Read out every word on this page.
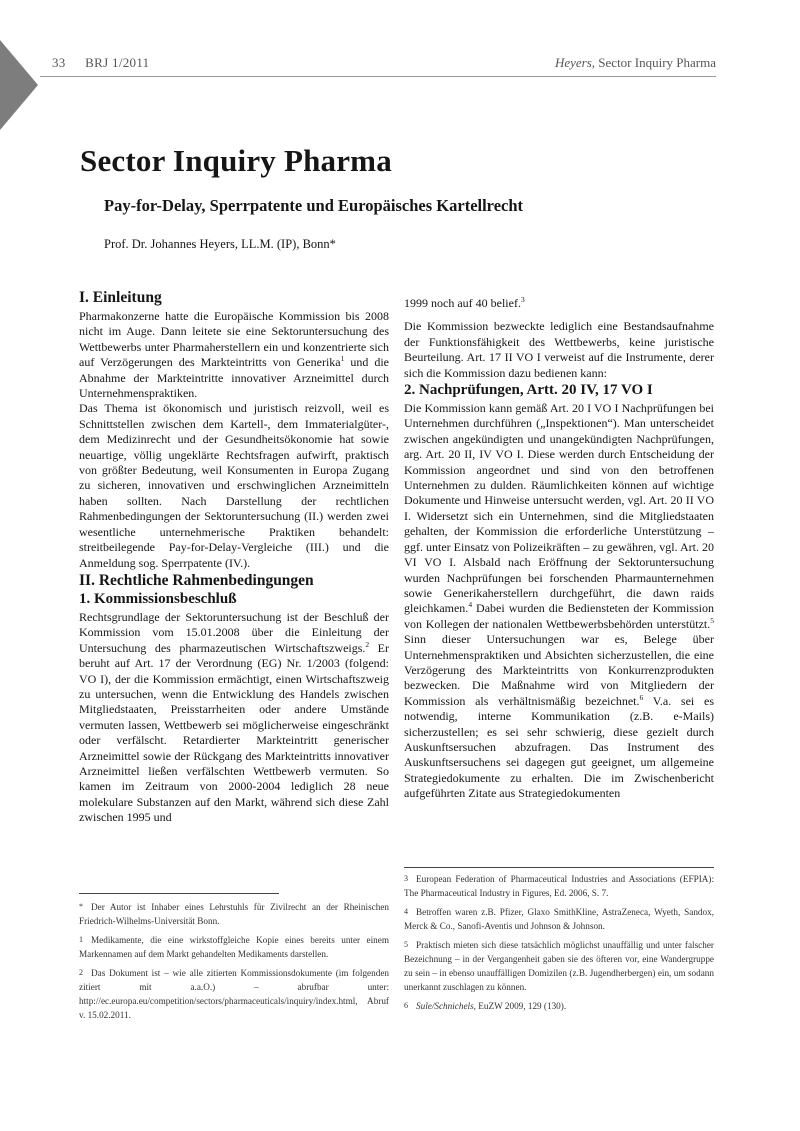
33 BRJ 1/2011	Heyers, Sector Inquiry Pharma
Sector Inquiry Pharma
Pay-for-Delay, Sperrpatente und Europäisches Kartellrecht

Prof. Dr. Johannes Heyers, LL.M. (IP), Bonn*

I. Einleitung

Pharmakonzerne hatte die Europäische Kommission bis 2008 nicht im Auge. Dann leitete sie eine Sektoruntersuchung des Wettbewerbs unter Pharmaherstellern ein und konzentrierte sich auf Verzögerungen des Markteintritts von Generika$^1$ und die Abnahme der Markteintritte innovativer Arzneimittel durch Unternehmenspraktiken.

Das Thema ist ökonomisch und juristisch reizvoll, weil es Schnittstellen zwischen dem Kartell-, dem Immaterialgüter-, dem Medizinrecht und der Gesundheitsökonomie hat sowie neuartige, völlig ungeklärte Rechtsfragen aufwirft, praktisch von größter Bedeutung, weil Konsumenten in Europa Zugang zu sicheren, innovativen und erschwinglichen Arzneimitteln haben sollten. Nach Darstellung der rechtlichen Rahmenbedingungen der Sektoruntersuchung (II.) werden zwei wesentliche unternehmerische Praktiken behandelt: streitbeilegende Pay-for-Delay-Vergleiche (III.) und die Anmeldung sog. Sperrpatente (IV.).

II. Rechtliche Rahmenbedingungen
1. Kommissionsbeschluß

Rechtsgrundlage der Sektoruntersuchung ist der Beschluß der Kommission vom 15.01.2008 über die Einleitung der Untersuchung des pharmazeutischen Wirtschaftszweigs.$^2$ Er beruht auf Art. 17 der Verordnung (EG) Nr. 1/2003 (folgend: VO I), der die Kommission ermächtigt, einen Wirtschaftszweig zu untersuchen, wenn die Entwicklung des Handels zwischen Mitgliedstaaten, Preisstarrheiten oder andere Umstände vermuten lassen, Wettbewerb sei möglicherweise eingeschränkt oder verfälscht. Retardierter Markteintritt generischer Arzneimittel sowie der Rückgang des Markteintritts innovativer Arzneimittel ließen verfälschten Wettbewerb vermuten. So kamen im Zeitraum von 2000-2004 lediglich 28 neue molekulare Substanzen auf den Markt, während sich diese Zahl zwischen 1995 und

1999 noch auf 40 belief.$^3$

Die Kommission bezweckte lediglich eine Bestandsaufnahme der Funktionsfähigkeit des Wettbewerbs, keine juristische Beurteilung. Art. 17 II VO I verweist auf die Instrumente, derer sich die Kommission dazu bedienen kann:

2. Nachprüfungen, Artt. 20 IV, 17 VO I

Die Kommission kann gemäß Art. 20 I VO I Nachprüfungen bei Unternehmen durchführen („Inspektionen“). Man unterscheidet zwischen angekündigten und unangekündigten Nachprüfungen, arg. Art. 20 II, IV VO I. Diese werden durch Entscheidung der Kommission angeordnet und sind von den betroffenen Unternehmen zu dulden. Räumlichkeiten können auf wichtige Dokumente und Hinweise untersucht werden, vgl. Art. 20 II VO I. Widersetzt sich ein Unternehmen, sind die Mitgliedstaaten gehalten, der Kommission die erforderliche Unterstützung – ggf. unter Einsatz von Polizeikräften – zu gewähren, vgl. Art. 20 VI VO I. Alsbald nach Eröffnung der Sektoruntersuchung wurden Nachprüfungen bei forschenden Pharmaunternehmen sowie Generikaherstellern durchgeführt, die dawn raids gleichkamen.$^4$ Dabei wurden die Bediensteten der Kommission von Kollegen der nationalen Wettbewerbsbehörden unterstützt.$^5$ Sinn dieser Untersuchungen war es, Belege über Unternehmenspraktiken und Absichten sicherzustellen, die eine Verzögerung des Markteintritts von Konkurrenzprodukten bezwecken. Die Maßnahme wird von Mitgliedern der Kommission als verhältnismäßig bezeichnet.$^6$ V.a. sei es notwendig, interne Kommunikation (z.B. e-Mails) sicherzustellen; es sei sehr schwierig, diese gezielt durch Auskunftsersuchen abzufragen. Das Instrument des Auskunftsersuchens sei dagegen gut geeignet, um allgemeine Strategiedokumente zu erhalten. Die im Zwischenbericht aufgeführten Zitate aus Strategiedokumenten

* Der Autor ist Inhaber eines Lehrstuhls für Zivilrecht an der Rheinischen Friedrich-Wilhelms-Universität Bonn.

1 Medikamente, die eine wirkstoffgleiche Kopie eines bereits unter einem Markennamen auf dem Markt gehandelten Medikaments darstellen.

2 Das Dokument ist – wie alle zitierten Kommissionsdokumente (im folgenden zitiert mit a.a.O.) – abrufbar unter: http://ec.europa.eu/competition/sectors/pharmaceuticals/inquiry/index.html, Abruf v. 15.02.2011.

3 European Federation of Pharmaceutical Industries and Associations (EFPIA): The Pharmaceutical Industry in Figures, Ed. 2006, S. 7.

4 Betroffen waren z.B. Pfizer, Glaxo SmithKline, AstraZeneca, Wyeth, Sandox, Merck & Co., Sanofi-Aventis und Johnson & Johnson.

5 Praktisch mieten sich diese tatsächlich möglichst unauffällig und unter falscher Bezeichnung – in der Vergangenheit gaben sie des öfteren vor, eine Wandergruppe zu sein – in ebenso unauffälligen Domizilen (z.B. Jugendherbergen) ein, um sodann unerkannt zuschlagen zu können.

6 Sule/Schnichels, EuZW 2009, 129 (130).
